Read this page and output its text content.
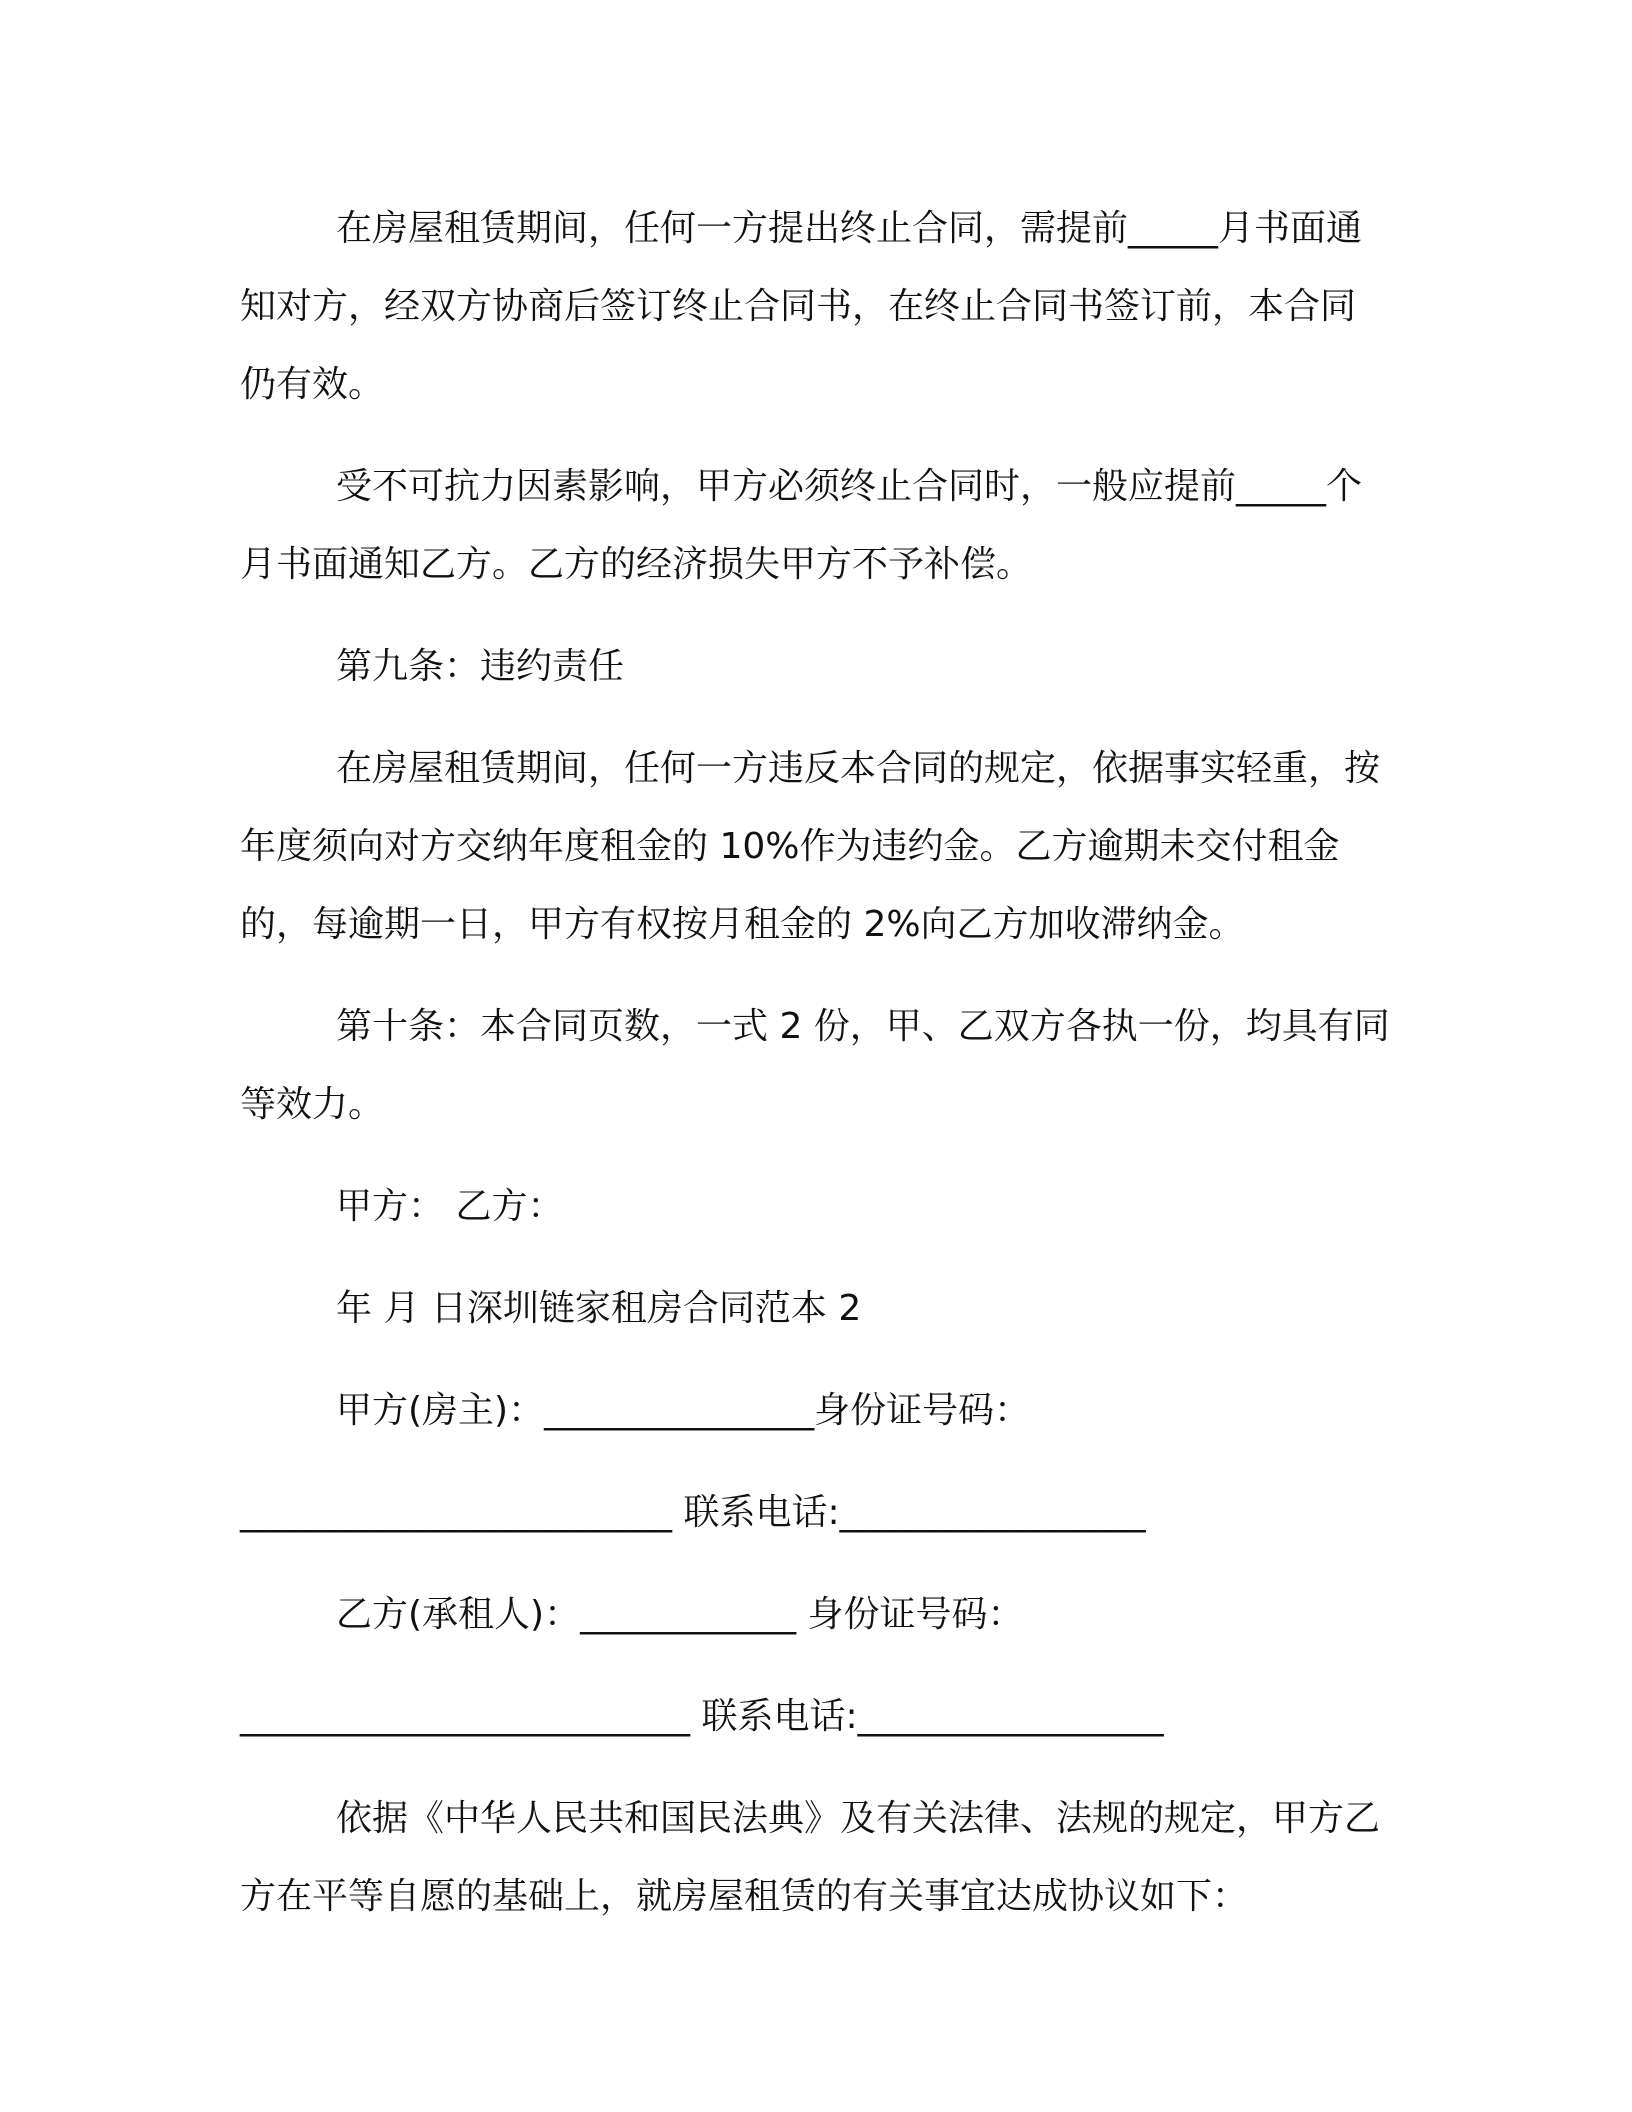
在房屋租赁期间，任何一方提出终止合同，需提前_____月书面通知对方，经双方协商后签订终止合同书，在终止合同书签订前，本合同仍有效。

受不可抗力因素影响，甲方必须终止合同时，一般应提前_____个月书面通知乙方。乙方的经济损失甲方不予补偿。

第九条：违约责任

在房屋租赁期间，任何一方违反本合同的规定，依据事实轻重，按年度须向对方交纳年度租金的 10%作为违约金。乙方逾期未交付租金的，每逾期一日，甲方有权按月租金的 2%向乙方加收滞纳金。

第十条：本合同页数，一式 2 份，甲、乙双方各执一份，均具有同等效力。

甲方： 乙方：

年 月 日深圳链家租房合同范本 2

甲方(房主)：_______________身份证号码：

________________________ 联系电话:_________________

乙方(承租人)：____________ 身份证号码：

_________________________ 联系电话:_________________

依据《中华人民共和国民法典》及有关法律、法规的规定，甲方乙方在平等自愿的基础上，就房屋租赁的有关事宜达成协议如下：
